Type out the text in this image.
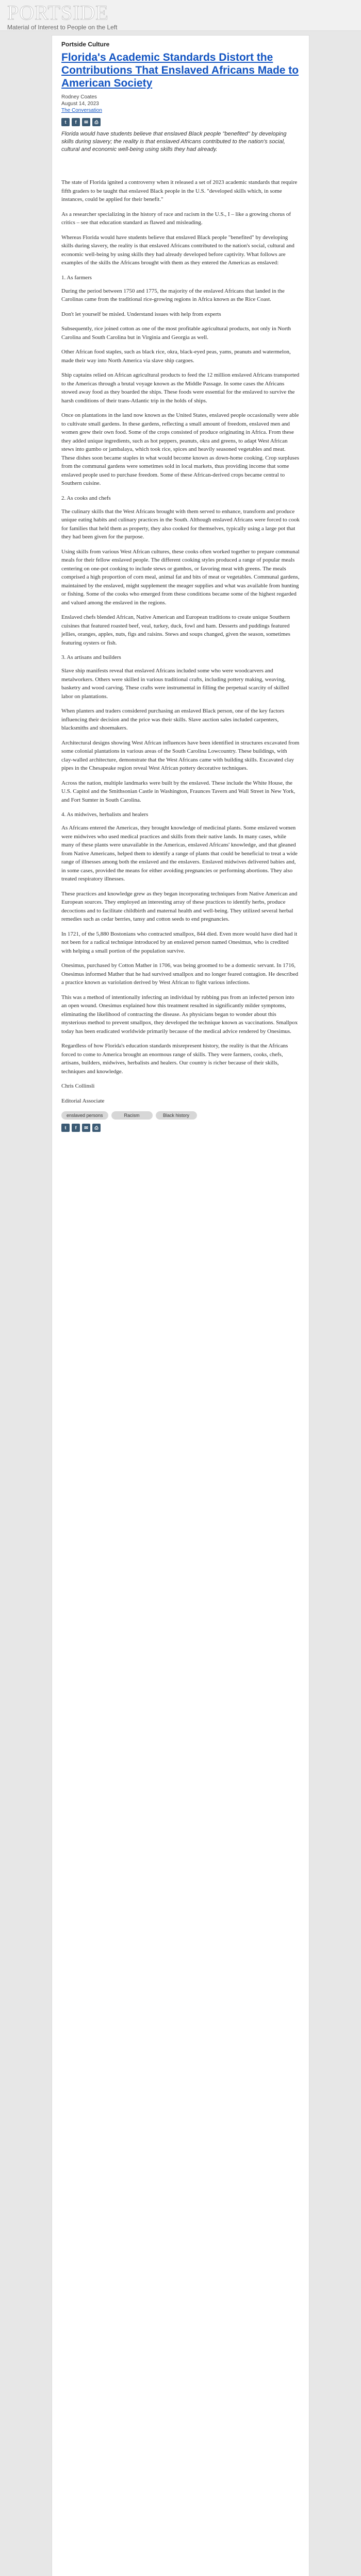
PORTSIDE
Material of Interest to People on the Left
Portside Culture
Florida's Academic Standards Distort the Contributions That Enslaved Africans Made to American Society
Rodney Coates
August 14, 2023
The Conversation
t	f	✉	⎙

Florida would have students believe that enslaved Black people "benefited" by developing skills during slavery; the reality is that enslaved Africans contributed to the nation's social, cultural and economic well-being using skills they had already.

The state of Florida ignited a controversy when it released a set of 2023 academic standards that require fifth graders to be taught that enslaved Black people in the U.S. "developed skills which, in some instances, could be applied for their benefit."

As a researcher specializing in the history of race and racism in the U.S., I – like a growing chorus of critics – see that education standard as flawed and misleading.

Whereas Florida would have students believe that enslaved Black people "benefited" by developing skills during slavery, the reality is that enslaved Africans contributed to the nation's social, cultural and economic well-being by using skills they had already developed before captivity. What follows are examples of the skills the Africans brought with them as they entered the Americas as enslaved:

1. As farmers

During the period between 1750 and 1775, the majority of the enslaved Africans that landed in the Carolinas came from the traditional rice-growing regions in Africa known as the Rice Coast.

Don't let yourself be misled. Understand issues with help from experts

Subsequently, rice joined cotton as one of the most profitable agricultural products, not only in North Carolina and South Carolina but in Virginia and Georgia as well.

Other African food staples, such as black rice, okra, black-eyed peas, yams, peanuts and watermelon, made their way into North America via slave ship cargoes.

Ship captains relied on African agricultural products to feed the 12 million enslaved Africans transported to the Americas through a brutal voyage known as the Middle Passage. In some cases the Africans stowed away food as they boarded the ships. These foods were essential for the enslaved to survive the harsh conditions of their trans-Atlantic trip in the holds of ships.

Once on plantations in the land now known as the United States, enslaved people occasionally were able to cultivate small gardens. In these gardens, reflecting a small amount of freedom, enslaved men and women grew their own food. Some of the crops consisted of produce originating in Africa. From these they added unique ingredients, such as hot peppers, peanuts, okra and greens, to adapt West African stews into gumbo or jambalaya, which took rice, spices and heavily seasoned vegetables and meat. These dishes soon became staples in what would become known as down-home cooking. Crop surpluses from the communal gardens were sometimes sold in local markets, thus providing income that some enslaved people used to purchase freedom. Some of these African-derived crops became central to Southern cuisine.

2. As cooks and chefs

The culinary skills that the West Africans brought with them served to enhance, transform and produce unique eating habits and culinary practices in the South. Although enslaved Africans were forced to cook for families that held them as property, they also cooked for themselves, typically using a large pot that they had been given for the purpose.

Using skills from various West African cultures, these cooks often worked together to prepare communal meals for their fellow enslaved people. The different cooking styles produced a range of popular meals centering on one-pot cooking to include stews or gumbos, or favoring meat with greens. The meals comprised a high proportion of corn meal, animal fat and bits of meat or vegetables. Communal gardens, maintained by the enslaved, might supplement the meager supplies and what was available from hunting or fishing. Some of the cooks who emerged from these conditions became some of the highest regarded and valued among the enslaved in the regions.

Enslaved chefs blended African, Native American and European traditions to create unique Southern cuisines that featured roasted beef, veal, turkey, duck, fowl and ham. Desserts and puddings featured jellies, oranges, apples, nuts, figs and raisins. Stews and soups changed, given the season, sometimes featuring oysters or fish.

3. As artisans and builders

Slave ship manifests reveal that enslaved Africans included some who were woodcarvers and metalworkers. Others were skilled in various traditional crafts, including pottery making, weaving, basketry and wood carving. These crafts were instrumental in filling the perpetual scarcity of skilled labor on plantations.

When planters and traders considered purchasing an enslaved Black person, one of the key factors influencing their decision and the price was their skills. Slave auction sales included carpenters, blacksmiths and shoemakers.

Architectural designs showing West African influences have been identified in structures excavated from some colonial plantations in various areas of the South Carolina Lowcountry. These buildings, with clay-walled architecture, demonstrate that the West Africans came with building skills. Excavated clay pipes in the Chesapeake region reveal West African pottery decorative techniques.

Across the nation, multiple landmarks were built by the enslaved. These include the White House, the U.S. Capitol and the Smithsonian Castle in Washington, Fraunces Tavern and Wall Street in New York, and Fort Sumter in South Carolina.

4. As midwives, herbalists and healers

As Africans entered the Americas, they brought knowledge of medicinal plants. Some enslaved women were midwives who used medical practices and skills from their native lands. In many cases, while many of these plants were unavailable in the Americas, enslaved Africans' knowledge, and that gleaned from Native Americans, helped them to identify a range of plants that could be beneficial to treat a wide range of illnesses among both the enslaved and the enslavers. Enslaved midwives delivered babies and, in some cases, provided the means for either avoiding pregnancies or performing abortions. They also treated respiratory illnesses.

These practices and knowledge grew as they began incorporating techniques from Native American and European sources. They employed an interesting array of these practices to identify herbs, produce decoctions and to facilitate childbirth and maternal health and well-being. They utilized several herbal remedies such as cedar berries, tansy and cotton seeds to end pregnancies.

In 1721, of the 5,880 Bostonians who contracted smallpox, 844 died. Even more would have died had it not been for a radical technique introduced by an enslaved person named Onesimus, who is credited with helping a small portion of the population survive.

Onesimus, purchased by Cotton Mather in 1706, was being groomed to be a domestic servant. In 1716, Onesimus informed Mather that he had survived smallpox and no longer feared contagion. He described a practice known as variolation derived by West African to fight various infections.

This was a method of intentionally infecting an individual by rubbing pus from an infected person into an open wound. Onesimus explained how this treatment resulted in significantly milder symptoms, eliminating the likelihood of contracting the disease. As physicians began to wonder about this mysterious method to prevent smallpox, they developed the technique known as vaccinations. Smallpox today has been eradicated worldwide primarily because of the medical advice rendered by Onesimus.

Regardless of how Florida's education standards misrepresent history, the reality is that the Africans forced to come to America brought an enormous range of skills. They were farmers, cooks, chefs, artisans, builders, midwives, herbalists and healers. Our country is richer because of their skills, techniques and knowledge.

Chris Collinsli

Editorial Associate

enslaved persons	Racism	Black history
t	f	✉	⎙
